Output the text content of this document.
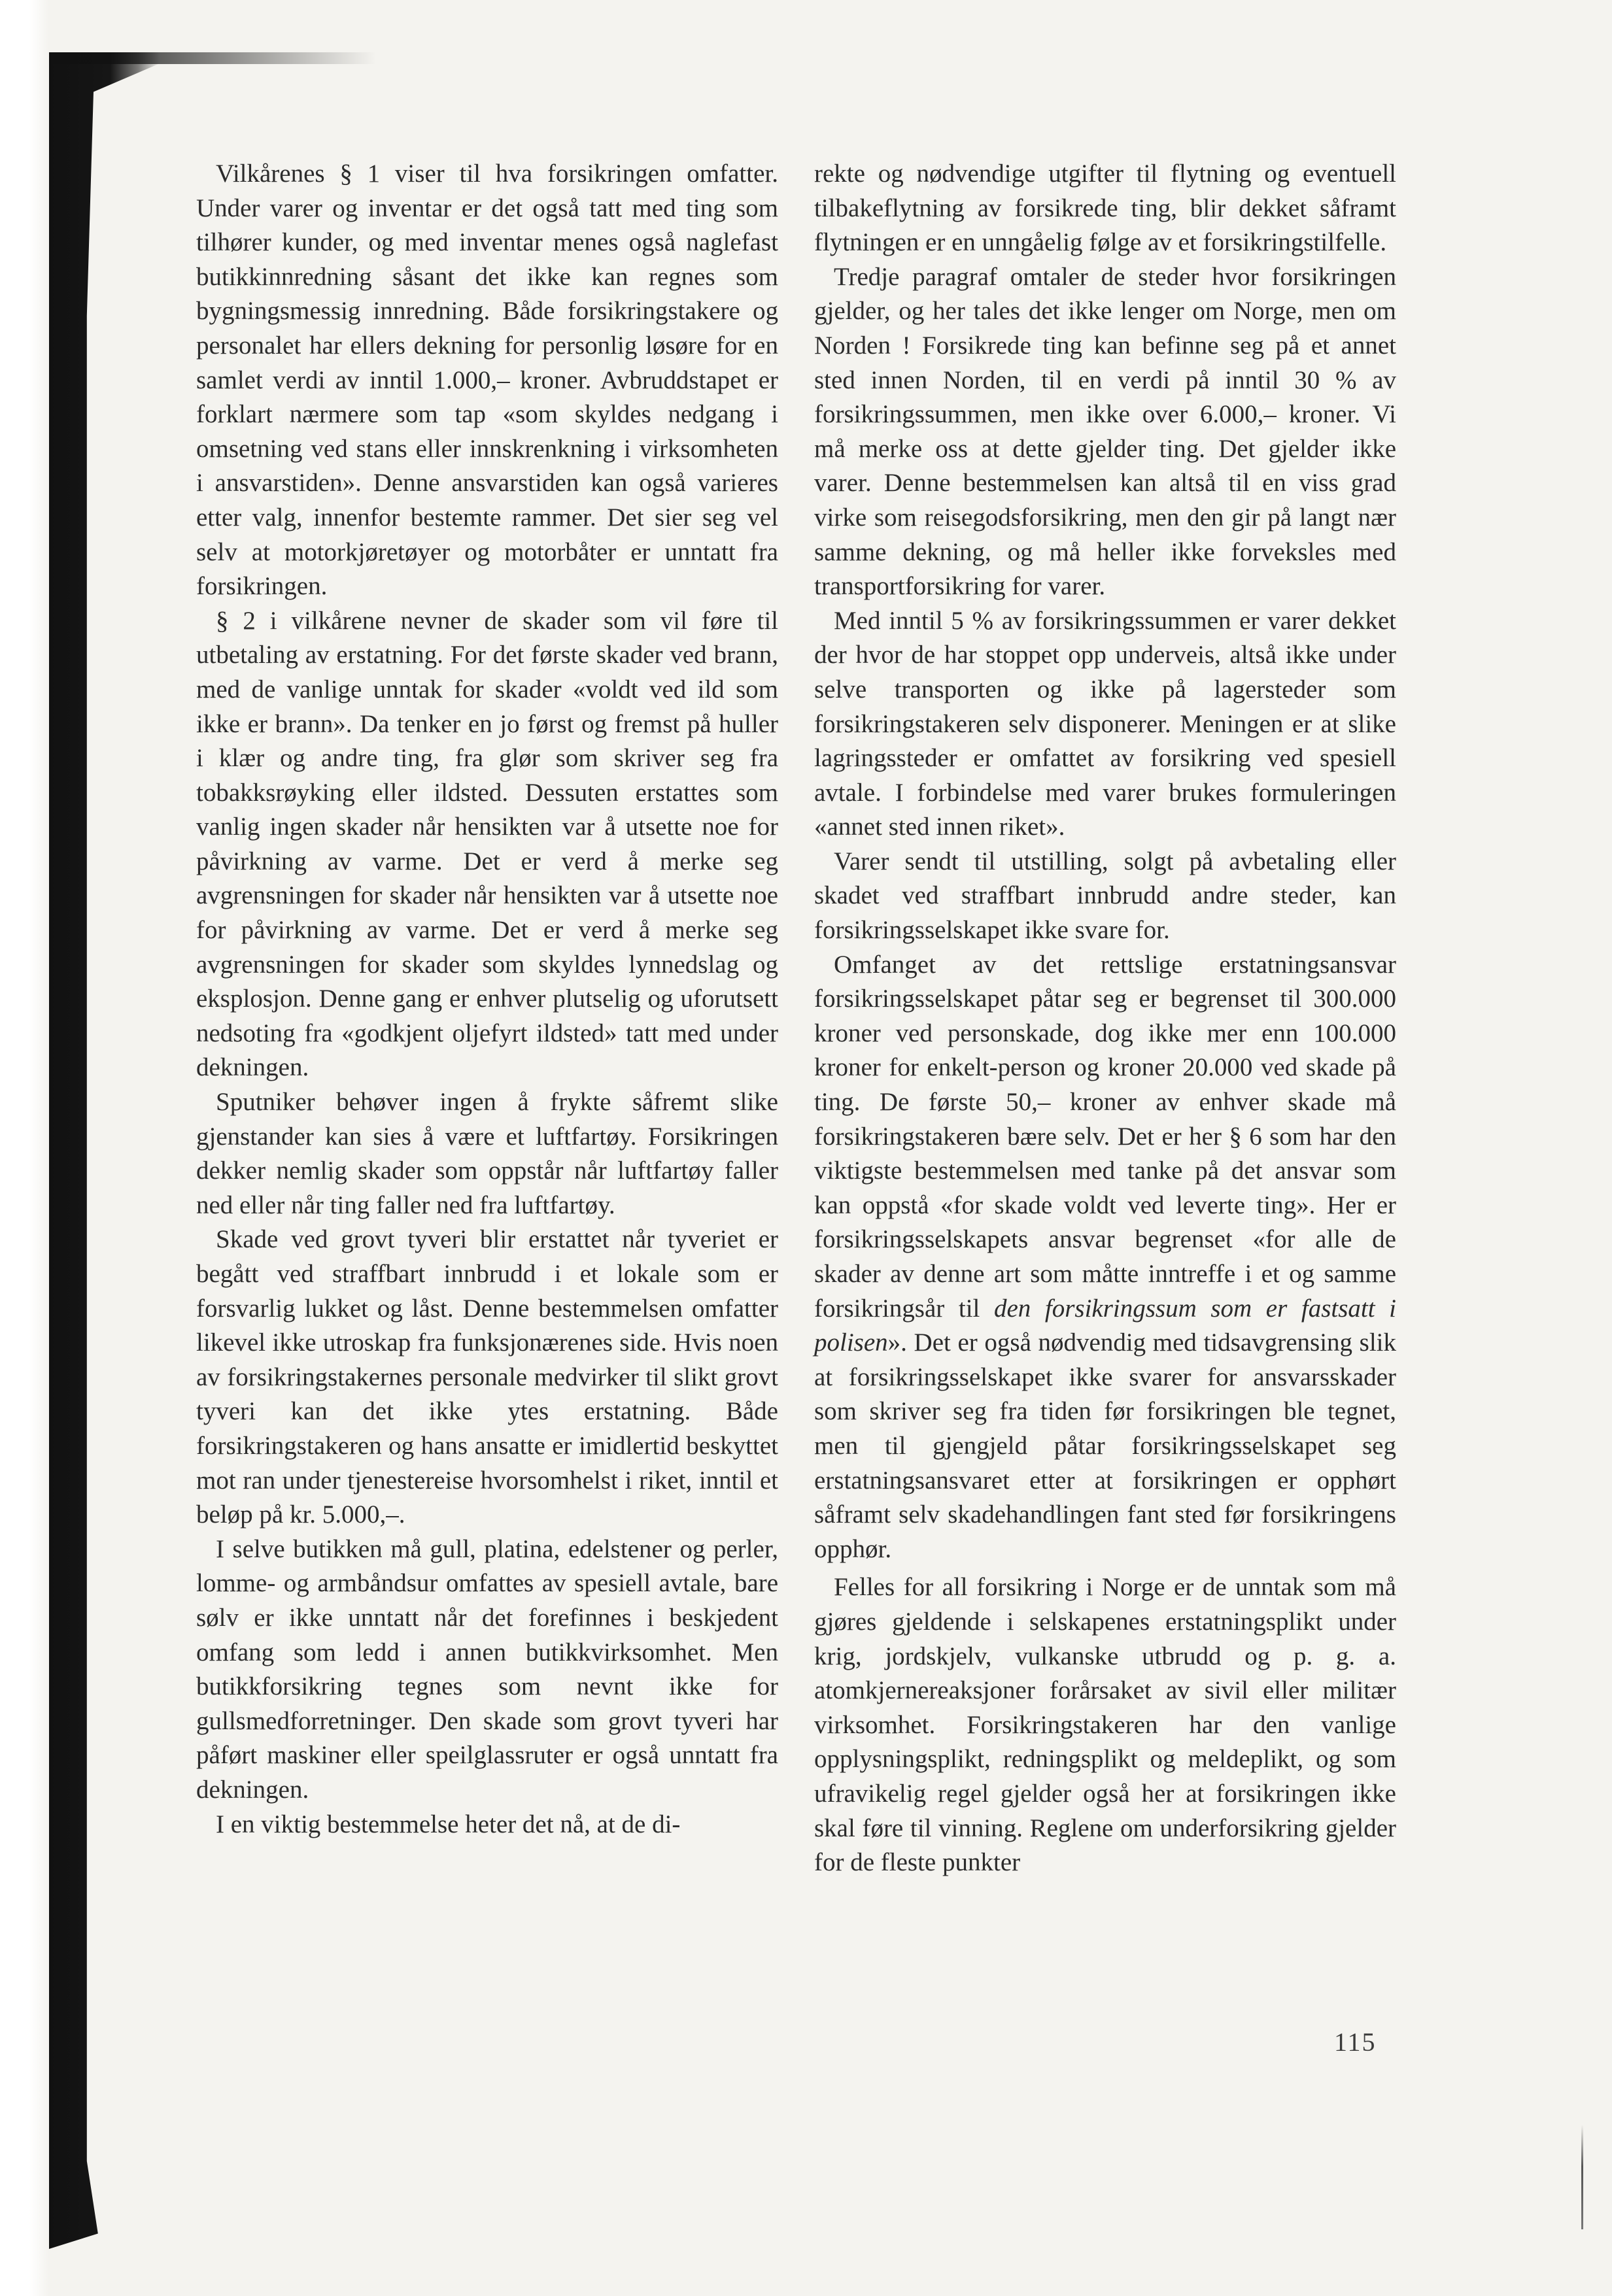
Vilkårenes § 1 viser til hva forsikringen omfatter. Under varer og inventar er det også tatt med ting som tilhører kunder, og med inventar menes også naglefast butikkinnredning såsant det ikke kan regnes som bygningsmessig innredning. Både forsikringstakere og personalet har ellers dekning for personlig løsøre for en samlet verdi av inntil 1.000,– kroner. Avbruddstapet er forklart nærmere som tap «som skyldes nedgang i omsetning ved stans eller innskrenkning i virksomheten i ansvarstiden». Denne ansvarstiden kan også varieres etter valg, innenfor bestemte rammer. Det sier seg vel selv at motorkjøretøyer og motorbåter er unntatt fra forsikringen.

§ 2 i vilkårene nevner de skader som vil føre til utbetaling av erstatning. For det første skader ved brann, med de vanlige unntak for skader «voldt ved ild som ikke er brann». Da tenker en jo først og fremst på huller i klær og andre ting, fra glør som skriver seg fra tobakksrøyking eller ildsted. Dessuten erstattes som vanlig ingen skader når hensikten var å utsette noe for påvirkning av varme. Det er verd å merke seg avgrensningen for skader når hensikten var å utsette noe for påvirkning av varme. Det er verd å merke seg avgrensningen for skader som skyldes lynnedslag og eksplosjon. Denne gang er enhver plutselig og uforutsett nedsoting fra «godkjent oljefyrt ildsted» tatt med under dekningen.

Sputniker behøver ingen å frykte såfremt slike gjenstander kan sies å være et luftfartøy. Forsikringen dekker nemlig skader som oppstår når luftfartøy faller ned eller når ting faller ned fra luftfartøy.

Skade ved grovt tyveri blir erstattet når tyveriet er begått ved straffbart innbrudd i et lokale som er forsvarlig lukket og låst. Denne bestemmelsen omfatter likevel ikke utroskap fra funksjonærenes side. Hvis noen av forsikringstakernes personale medvirker til slikt grovt tyveri kan det ikke ytes erstatning. Både forsikringstakeren og hans ansatte er imidlertid beskyttet mot ran under tjenestereise hvorsomhelst i riket, inntil et beløp på kr. 5.000,–.

I selve butikken må gull, platina, edelstener og perler, lomme- og armbåndsur omfattes av spesiell avtale, bare sølv er ikke unntatt når det forefinnes i beskjedent omfang som ledd i annen butikkvirksomhet. Men butikkforsikring tegnes som nevnt ikke for gullsmedforretninger. Den skade som grovt tyveri har påført maskiner eller speilglassruter er også unntatt fra dekningen.

I en viktig bestemmelse heter det nå, at de di-

rekte og nødvendige utgifter til flytning og eventuell tilbakeflytning av forsikrede ting, blir dekket såframt flytningen er en unngåelig følge av et forsikringstilfelle.

Tredje paragraf omtaler de steder hvor forsikringen gjelder, og her tales det ikke lenger om Norge, men om Norden ! Forsikrede ting kan befinne seg på et annet sted innen Norden, til en verdi på inntil 30 % av forsikringssummen, men ikke over 6.000,– kroner. Vi må merke oss at dette gjelder ting. Det gjelder ikke varer. Denne bestemmelsen kan altså til en viss grad virke som reisegodsforsikring, men den gir på langt nær samme dekning, og må heller ikke forveksles med transportforsikring for varer.

Med inntil 5 % av forsikringssummen er varer dekket der hvor de har stoppet opp underveis, altså ikke under selve transporten og ikke på lagersteder som forsikringstakeren selv disponerer. Meningen er at slike lagringssteder er omfattet av forsikring ved spesiell avtale. I forbindelse med varer brukes formuleringen «annet sted innen riket».

Varer sendt til utstilling, solgt på avbetaling eller skadet ved straffbart innbrudd andre steder, kan forsikringsselskapet ikke svare for.

Omfanget av det rettslige erstatningsansvar forsikringsselskapet påtar seg er begrenset til 300.000 kroner ved personskade, dog ikke mer enn 100.000 kroner for enkelt-person og kroner 20.000 ved skade på ting. De første 50,– kroner av enhver skade må forsikringstakeren bære selv. Det er her § 6 som har den viktigste bestemmelsen med tanke på det ansvar som kan oppstå «for skade voldt ved leverte ting». Her er forsikringsselskapets ansvar begrenset «for alle de skader av denne art som måtte inntreffe i et og samme forsikringsår til den forsikringssum som er fastsatt i polisen». Det er også nødvendig med tidsavgrensing slik at forsikringsselskapet ikke svarer for ansvarsskader som skriver seg fra tiden før forsikringen ble tegnet, men til gjengjeld påtar forsikringsselskapet seg erstatningsansvaret etter at forsikringen er opphørt såframt selv skadehandlingen fant sted før forsikringens opphør.

Felles for all forsikring i Norge er de unntak som må gjøres gjeldende i selskapenes erstatningsplikt under krig, jordskjelv, vulkanske utbrudd og p. g. a. atomkjernereaksjoner forårsaket av sivil eller militær virksomhet. Forsikringstakeren har den vanlige opplysningsplikt, redningsplikt og meldeplikt, og som ufravikelig regel gjelder også her at forsikringen ikke skal føre til vinning. Reglene om underforsikring gjelder for de fleste punkter

115
